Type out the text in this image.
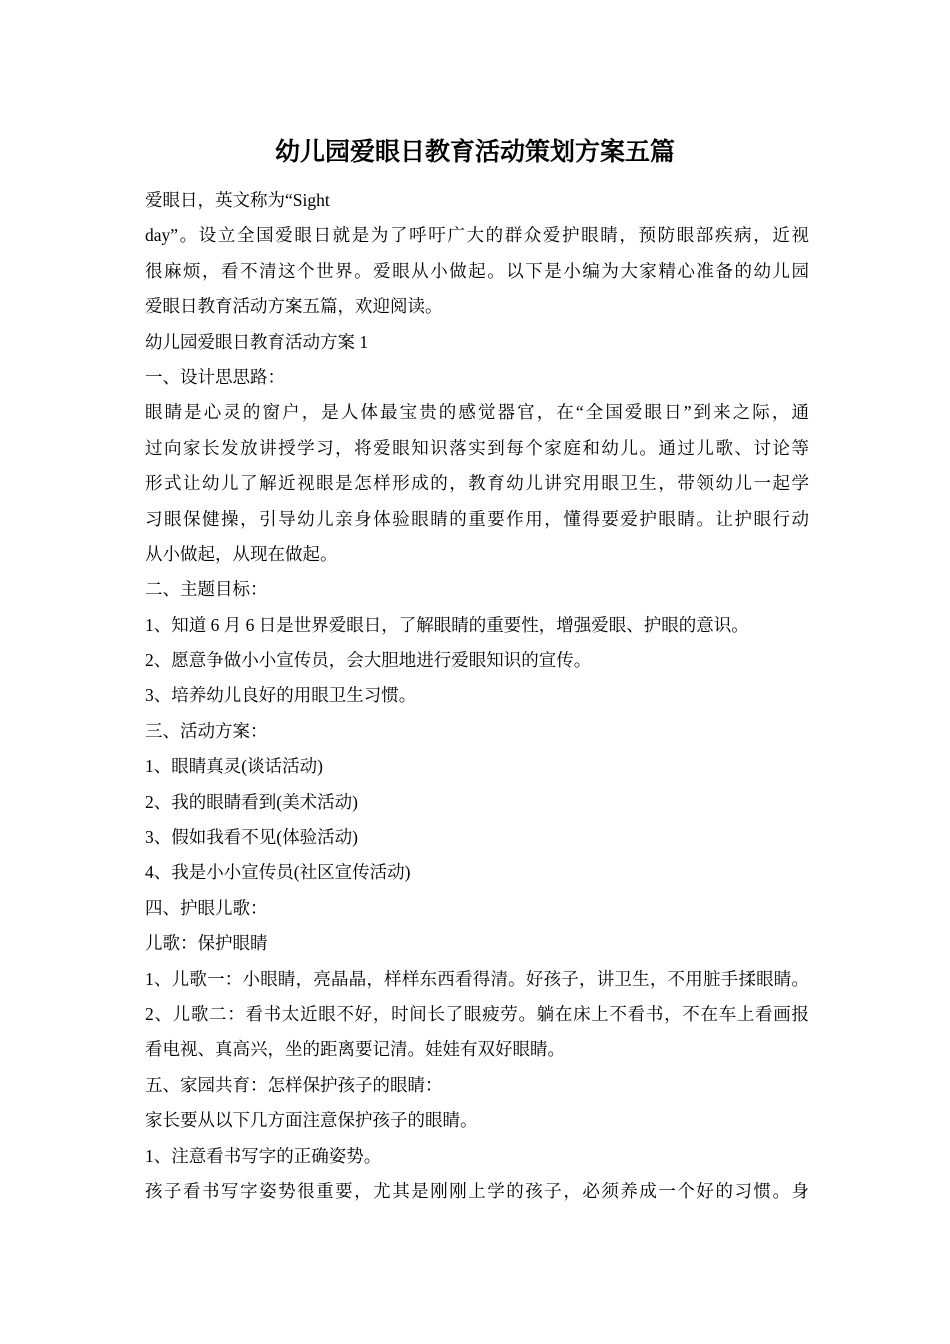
幼儿园爱眼日教育活动策划方案五篇
爱眼日，英文称为“Sight
day”。设立全国爱眼日就是为了呼吁广大的群众爱护眼睛，预防眼部疾病，近视
很麻烦，看不清这个世界。爱眼从小做起。以下是小编为大家精心准备的幼儿园
爱眼日教育活动方案五篇，欢迎阅读。
幼儿园爱眼日教育活动方案 1
一、设计思思路：
眼睛是心灵的窗户，是人体最宝贵的感觉器官，在“全国爱眼日”到来之际，通
过向家长发放讲授学习，将爱眼知识落实到每个家庭和幼儿。通过儿歌、讨论等
形式让幼儿了解近视眼是怎样形成的，教育幼儿讲究用眼卫生，带领幼儿一起学
习眼保健操，引导幼儿亲身体验眼睛的重要作用，懂得要爱护眼睛。让护眼行动
从小做起，从现在做起。
二、主题目标：
1、知道 6 月 6 日是世界爱眼日，了解眼睛的重要性，增强爱眼、护眼的意识。
2、愿意争做小小宣传员，会大胆地进行爱眼知识的宣传。
3、培养幼儿良好的用眼卫生习惯。
三、活动方案：
1、眼睛真灵(谈话活动)
2、我的眼睛看到(美术活动)
3、假如我看不见(体验活动)
4、我是小小宣传员(社区宣传活动)
四、护眼儿歌：
儿歌：保护眼睛
1、儿歌一：小眼睛，亮晶晶，样样东西看得清。好孩子，讲卫生，不用脏手揉眼睛。
2、儿歌二：看书太近眼不好，时间长了眼疲劳。躺在床上不看书，不在车上看画报
看电视、真高兴，坐的距离要记清。娃娃有双好眼睛。
五、家园共育：怎样保护孩子的眼睛：
家长要从以下几方面注意保护孩子的眼睛。
1、注意看书写字的正确姿势。
孩子看书写字姿势很重要，尤其是刚刚上学的孩子，必须养成一个好的习惯。身
